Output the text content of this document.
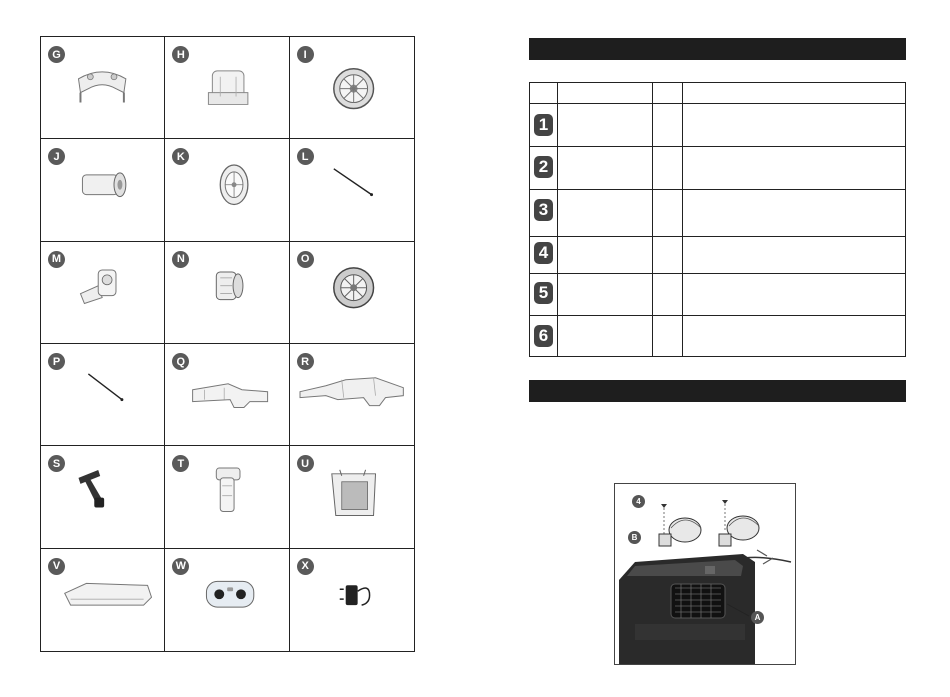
G	H	I
J	K	L
M	N	O
P	Q	R
S	T	U
V	W	X
1
2
3
4
5
6
4
B
A
